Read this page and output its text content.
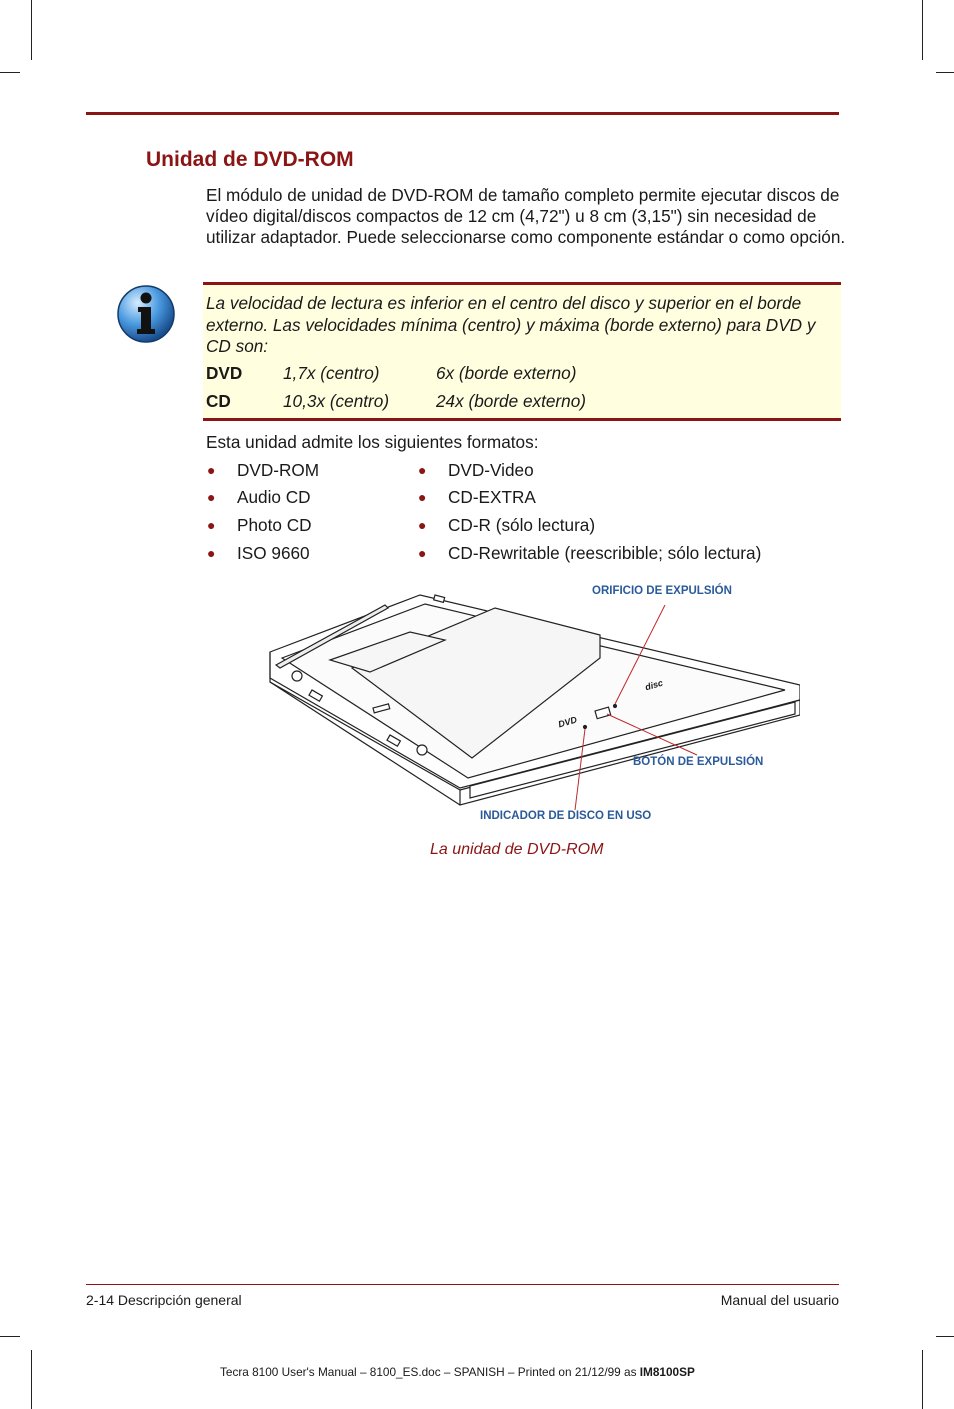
Unidad de DVD-ROM
El módulo de unidad de DVD-ROM de tamaño completo permite ejecutar discos de vídeo digital/discos compactos de 12 cm (4,72") u 8 cm (3,15") sin necesidad de utilizar adaptador. Puede seleccionarse como componente estándar o como opción.
La velocidad de lectura es inferior en el centro del disco y superior en el borde externo. Las velocidades mínima (centro) y máxima (borde externo) para DVD y CD son:
DVD 1,7x (centro)	6x (borde externo)
CD	10,3x (centro)	24x (borde externo)
Esta unidad admite los siguientes formatos:
● DVD-ROM
● Audio CD
● Photo CD
● ISO 9660
● DVD-Video
● CD-EXTRA
● CD-R (sólo lectura)
● CD-Rewritable (reescribible; sólo lectura)
DVD
disc
ORIFICIO DE EXPULSIÓN
BOTÓN DE EXPULSIÓN
INDICADOR DE DISCO EN USO
La unidad de DVD-ROM
2-14 Descripción general	Manual del usuario
Tecra 8100 User's Manual – 8100_ES.doc – SPANISH – Printed on 21/12/99 as IM8100SP
